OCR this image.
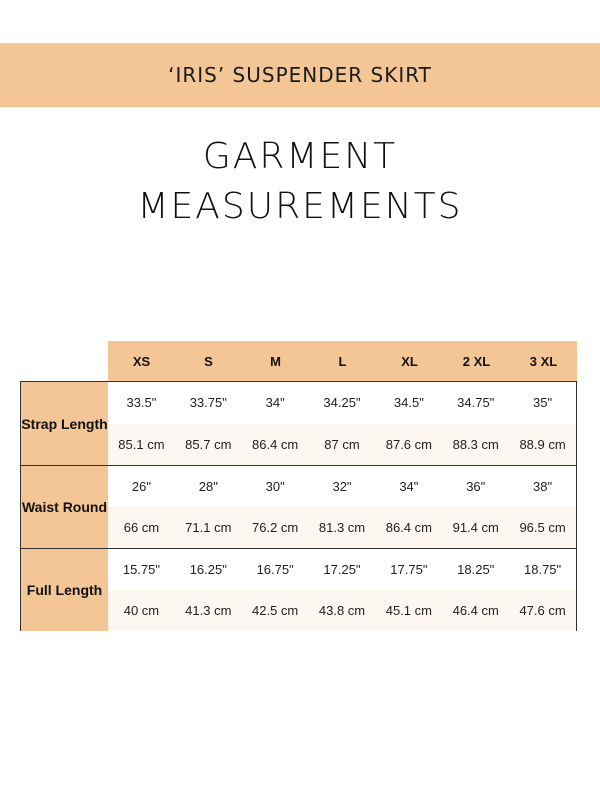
‘IRIS’ SUSPENDER SKIRT
GARMENT
MEASUREMENTS
XS	S	M	L	XL	2 XL	3 XL
Strap Length
33.5"	33.75"	34"	34.25"	34.5"	34.75"	35"
85.1 cm	85.7 cm	86.4 cm	87 cm	87.6 cm	88.3 cm	88.9 cm
Waist Round
26"	28"	30"	32"	34"	36"	38"
66 cm	71.1 cm	76.2 cm	81.3 cm	86.4 cm	91.4 cm	96.5 cm
Full Length
15.75"	16.25"	16.75"	17.25"	17.75"	18.25"	18.75"
40 cm	41.3 cm	42.5 cm	43.8 cm	45.1 cm	46.4 cm	47.6 cm
